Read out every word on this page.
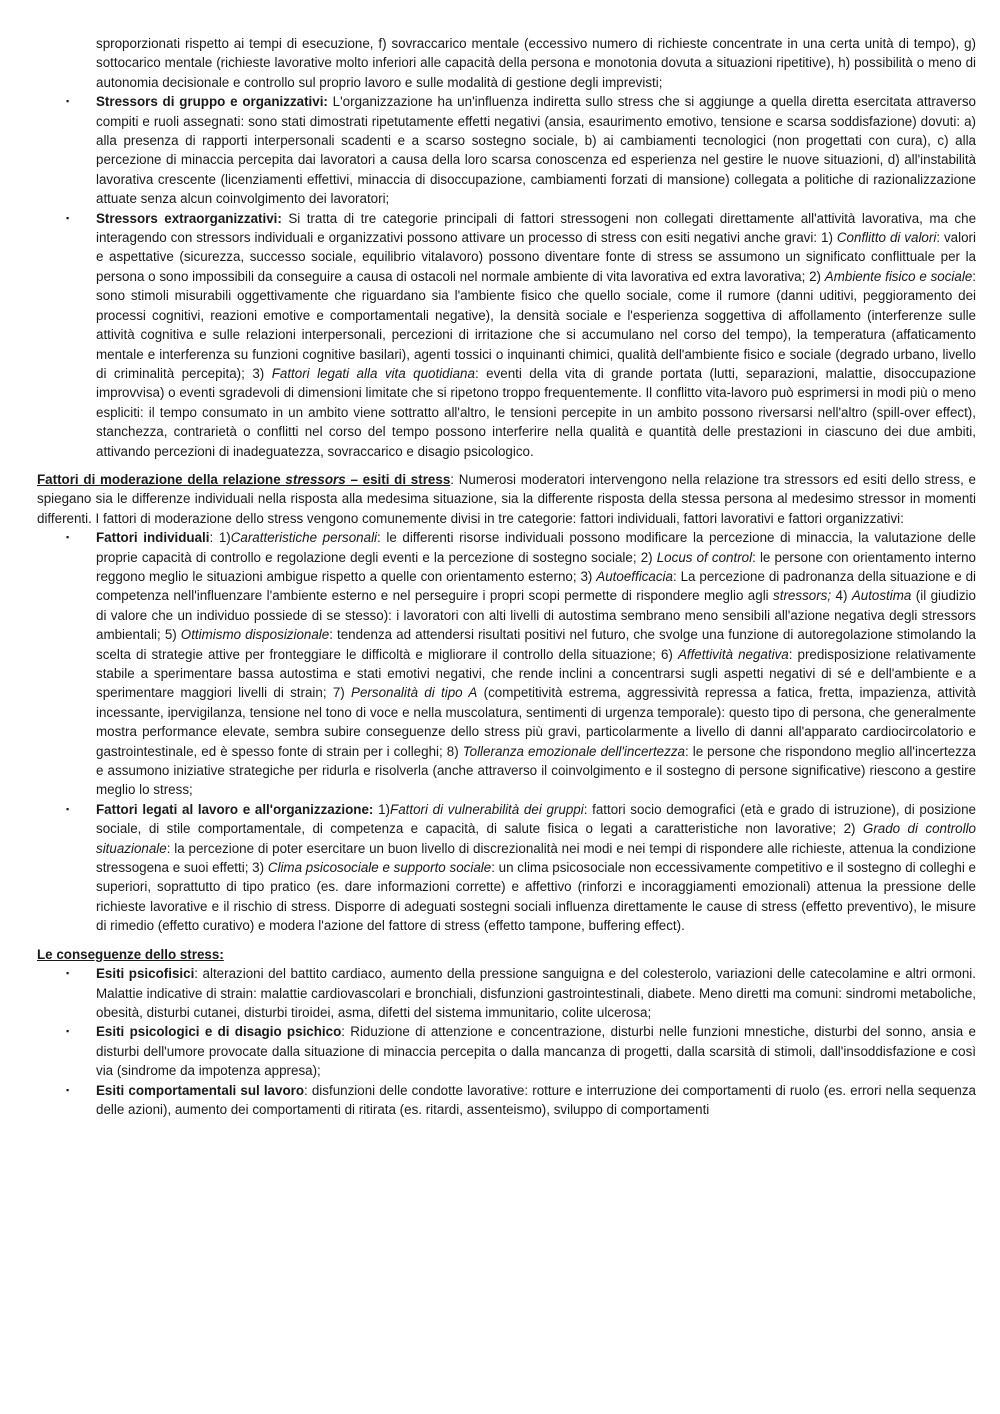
sproporzionati rispetto ai tempi di esecuzione, f) sovraccarico mentale (eccessivo numero di richieste concentrate in una certa unità di tempo), g) sottocarico mentale (richieste lavorative molto inferiori alle capacità della persona e monotonia dovuta a situazioni ripetitive), h) possibilità o meno di autonomia decisionale e controllo sul proprio lavoro e sulle modalità di gestione degli imprevisti;

▪ Stressors di gruppo e organizzativi: L'organizzazione ha un'influenza indiretta sullo stress che si aggiunge a quella diretta esercitata attraverso compiti e ruoli assegnati: sono stati dimostrati ripetutamente effetti negativi (ansia, esaurimento emotivo, tensione e scarsa soddisfazione) dovuti: a) alla presenza di rapporti interpersonali scadenti e a scarso sostegno sociale, b) ai cambiamenti tecnologici (non progettati con cura), c) alla percezione di minaccia percepita dai lavoratori a causa della loro scarsa conoscenza ed esperienza nel gestire le nuove situazioni, d) all'instabilità lavorativa crescente (licenziamenti effettivi, minaccia di disoccupazione, cambiamenti forzati di mansione) collegata a politiche di razionalizzazione attuate senza alcun coinvolgimento dei lavoratori;
▪ Stressors extraorganizzativi: Si tratta di tre categorie principali di fattori stressogeni non collegati direttamente all'attività lavorativa, ma che interagendo con stressors individuali e organizzativi possono attivare un processo di stress con esiti negativi anche gravi: 1) Conflitto di valori: valori e aspettative (sicurezza, successo sociale, equilibrio vitalavoro) possono diventare fonte di stress se assumono un significato conflittuale per la persona o sono impossibili da conseguire a causa di ostacoli nel normale ambiente di vita lavorativa ed extra lavorativa; 2) Ambiente fisico e sociale: sono stimoli misurabili oggettivamente che riguardano sia l'ambiente fisico che quello sociale, come il rumore (danni uditivi, peggioramento dei processi cognitivi, reazioni emotive e comportamentali negative), la densità sociale e l'esperienza soggettiva di affollamento (interferenze sulle attività cognitiva e sulle relazioni interpersonali, percezioni di irritazione che si accumulano nel corso del tempo), la temperatura (affaticamento mentale e interferenza su funzioni cognitive basilari), agenti tossici o inquinanti chimici, qualità dell'ambiente fisico e sociale (degrado urbano, livello di criminalità percepita); 3) Fattori legati alla vita quotidiana: eventi della vita di grande portata (lutti, separazioni, malattie, disoccupazione improvvisa) o eventi sgradevoli di dimensioni limitate che si ripetono troppo frequentemente. Il conflitto vita-lavoro può esprimersi in modi più o meno espliciti: il tempo consumato in un ambito viene sottratto all'altro, le tensioni percepite in un ambito possono riversarsi nell'altro (spill-over effect), stanchezza, contrarietà o conflitti nel corso del tempo possono interferire nella qualità e quantità delle prestazioni in ciascuno dei due ambiti, attivando percezioni di inadeguatezza, sovraccarico e disagio psicologico.

Fattori di moderazione della relazione stressors – esiti di stress: Numerosi moderatori intervengono nella relazione tra stressors ed esiti dello stress, e spiegano sia le differenze individuali nella risposta alla medesima situazione, sia la differente risposta della stessa persona al medesimo stressor in momenti differenti. I fattori di moderazione dello stress vengono comunemente divisi in tre categorie: fattori individuali, fattori lavorativi e fattori organizzativi:

▪ Fattori individuali: 1)Caratteristiche personali: le differenti risorse individuali possono modificare la percezione di minaccia, la valutazione delle proprie capacità di controllo e regolazione degli eventi e la percezione di sostegno sociale; 2) Locus of control: le persone con orientamento interno reggono meglio le situazioni ambigue rispetto a quelle con orientamento esterno; 3) Autoefficacia: La percezione di padronanza della situazione e di competenza nell'influenzare l'ambiente esterno e nel perseguire i propri scopi permette di rispondere meglio agli stressors; 4) Autostima (il giudizio di valore che un individuo possiede di se stesso): i lavoratori con alti livelli di autostima sembrano meno sensibili all'azione negativa degli stressors ambientali; 5) Ottimismo disposizionale: tendenza ad attendersi risultati positivi nel futuro, che svolge una funzione di autoregolazione stimolando la scelta di strategie attive per fronteggiare le difficoltà e migliorare il controllo della situazione; 6) Affettività negativa: predisposizione relativamente stabile a sperimentare bassa autostima e stati emotivi negativi, che rende inclini a concentrarsi sugli aspetti negativi di sé e dell'ambiente e a sperimentare maggiori livelli di strain; 7) Personalità di tipo A (competitività estrema, aggressività repressa a fatica, fretta, impazienza, attività incessante, ipervigilanza, tensione nel tono di voce e nella muscolatura, sentimenti di urgenza temporale): questo tipo di persona, che generalmente mostra performance elevate, sembra subire conseguenze dello stress più gravi, particolarmente a livello di danni all'apparato cardiocircolatorio e gastrointestinale, ed è spesso fonte di strain per i colleghi; 8) Tolleranza emozionale dell'incertezza: le persone che rispondono meglio all'incertezza e assumono iniziative strategiche per ridurla e risolverla (anche attraverso il coinvolgimento e il sostegno di persone significative) riescono a gestire meglio lo stress;
▪ Fattori legati al lavoro e all'organizzazione: 1)Fattori di vulnerabilità dei gruppi: fattori socio demografici (età e grado di istruzione), di posizione sociale, di stile comportamentale, di competenza e capacità, di salute fisica o legati a caratteristiche non lavorative; 2) Grado di controllo situazionale: la percezione di poter esercitare un buon livello di discrezionalità nei modi e nei tempi di rispondere alle richieste, attenua la condizione stressogena e suoi effetti; 3) Clima psicosociale e supporto sociale: un clima psicosociale non eccessivamente competitivo e il sostegno di colleghi e superiori, soprattutto di tipo pratico (es. dare informazioni corrette) e affettivo (rinforzi e incoraggiamenti emozionali) attenua la pressione delle richieste lavorative e il rischio di stress. Disporre di adeguati sostegni sociali influenza direttamente le cause di stress (effetto preventivo), le misure di rimedio (effetto curativo) e modera l'azione del fattore di stress (effetto tampone, buffering effect).

Le conseguenze dello stress:

▪ Esiti psicofisici: alterazioni del battito cardiaco, aumento della pressione sanguigna e del colesterolo, variazioni delle catecolamine e altri ormoni. Malattie indicative di strain: malattie cardiovascolari e bronchiali, disfunzioni gastrointestinali, diabete. Meno diretti ma comuni: sindromi metaboliche, obesità, disturbi cutanei, disturbi tiroidei, asma, difetti del sistema immunitario, colite ulcerosa;
▪ Esiti psicologici e di disagio psichico: Riduzione di attenzione e concentrazione, disturbi nelle funzioni mnestiche, disturbi del sonno, ansia e disturbi dell'umore provocate dalla situazione di minaccia percepita o dalla mancanza di progetti, dalla scarsità di stimoli, dall'insoddisfazione e così via (sindrome da impotenza appresa);
▪ Esiti comportamentali sul lavoro: disfunzioni delle condotte lavorative: rotture e interruzione dei comportamenti di ruolo (es. errori nella sequenza delle azioni), aumento dei comportamenti di ritirata (es. ritardi, assenteismo), sviluppo di comportamenti
